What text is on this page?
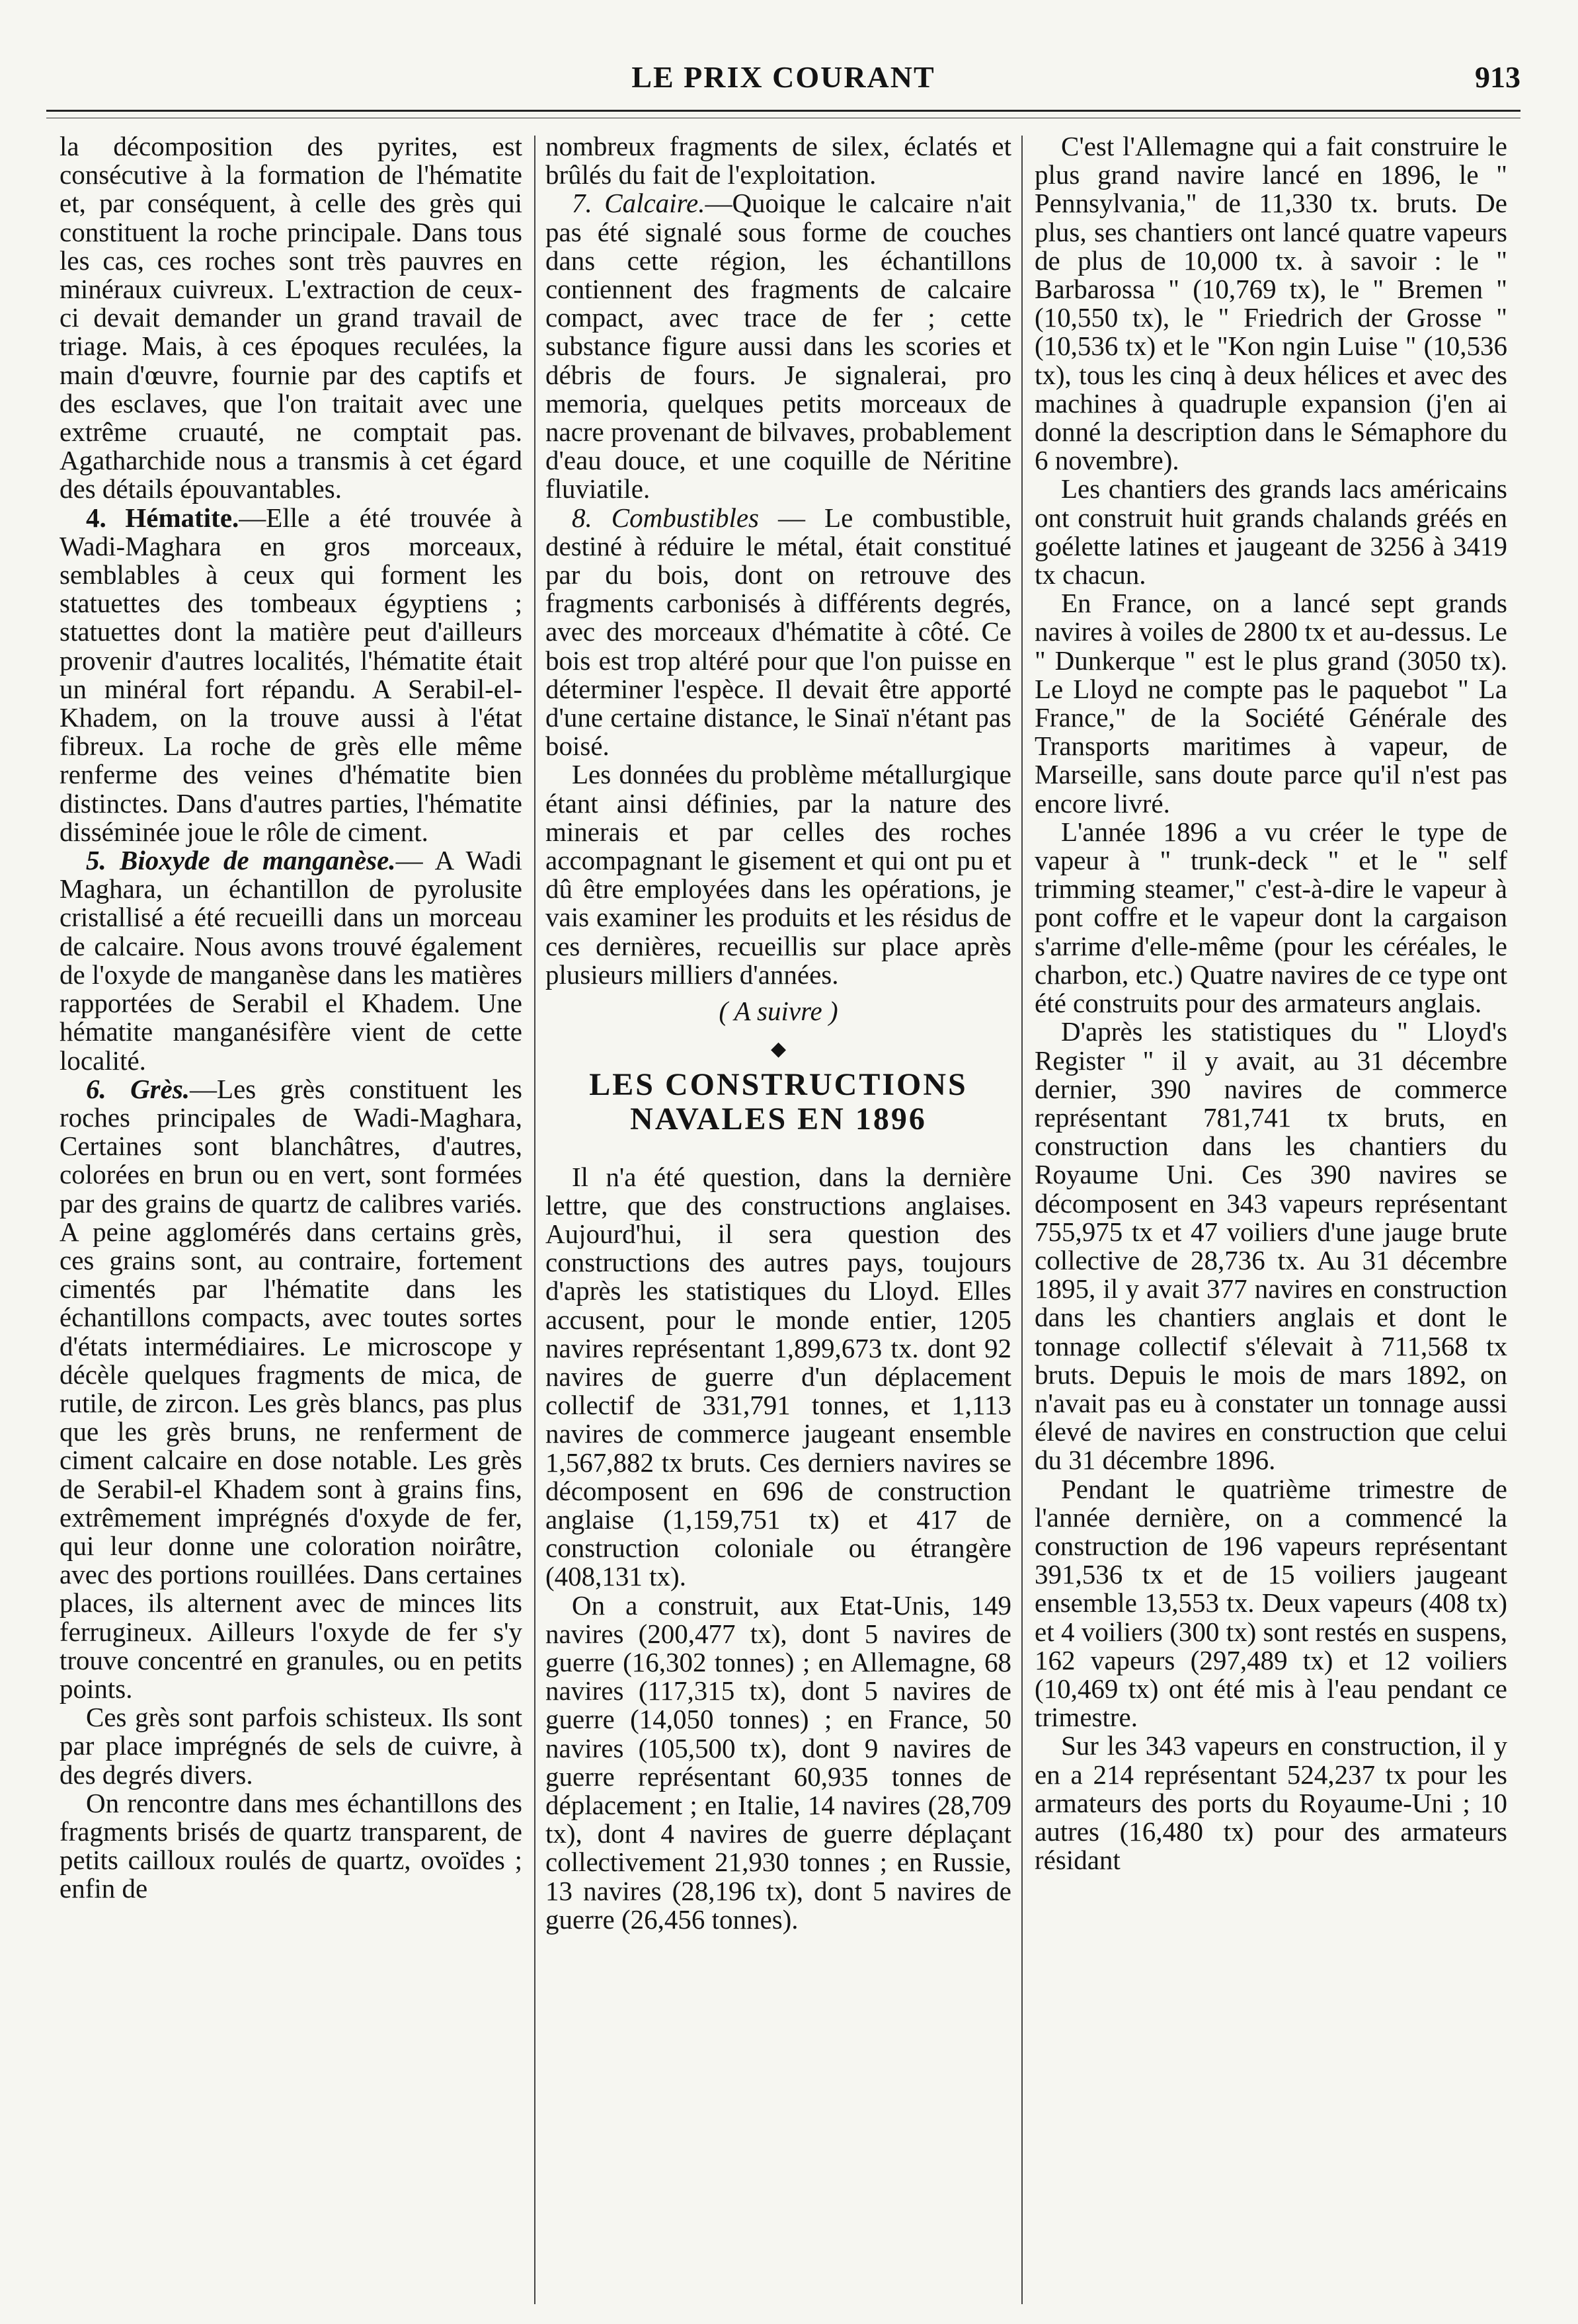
LE PRIX COURANT	913

la décomposition des pyrites, est consécutive à la formation de l'hématite et, par conséquent, à celle des grès qui constituent la roche principale. Dans tous les cas, ces roches sont très pauvres en minéraux cuivreux. L'extraction de ceux-ci devait demander un grand travail de triage. Mais, à ces époques reculées, la main d'œuvre, fournie par des captifs et des esclaves, que l'on traitait avec une extrême cruauté, ne comptait pas. Agatharchide nous a transmis à cet égard des détails épouvantables.

4. Hématite.—Elle a été trouvée à Wadi-Maghara en gros morceaux, semblables à ceux qui forment les statuettes des tombeaux égyptiens ; statuettes dont la matière peut d'ailleurs provenir d'autres localités, l'hématite était un minéral fort répandu. A Serabil-el-Khadem, on la trouve aussi à l'état fibreux. La roche de grès elle même renferme des veines d'hématite bien distinctes. Dans d'autres parties, l'hématite disséminée joue le rôle de ciment.

5. Bioxyde de manganèse.— A Wadi Maghara, un échantillon de pyrolusite cristallisé a été recueilli dans un morceau de calcaire. Nous avons trouvé également de l'oxyde de manganèse dans les matières rapportées de Serabil el Khadem. Une hématite manganésifère vient de cette localité.

6. Grès.—Les grès constituent les roches principales de Wadi-Maghara, Certaines sont blanchâtres, d'autres, colorées en brun ou en vert, sont formées par des grains de quartz de calibres variés. A peine agglomérés dans certains grès, ces grains sont, au contraire, fortement cimentés par l'hématite dans les échantillons compacts, avec toutes sortes d'états intermédiaires. Le microscope y décèle quelques fragments de mica, de rutile, de zircon. Les grès blancs, pas plus que les grès bruns, ne renferment de ciment calcaire en dose notable. Les grès de Serabil-el Khadem sont à grains fins, extrêmement imprégnés d'oxyde de fer, qui leur donne une coloration noirâtre, avec des portions rouillées. Dans certaines places, ils alternent avec de minces lits ferrugineux. Ailleurs l'oxyde de fer s'y trouve concentré en granules, ou en petits points.

Ces grès sont parfois schisteux. Ils sont par place imprégnés de sels de cuivre, à des degrés divers.

On rencontre dans mes échantillons des fragments brisés de quartz transparent, de petits cailloux roulés de quartz, ovoïdes ; enfin de

nombreux fragments de silex, éclatés et brûlés du fait de l'exploitation.

7. Calcaire.—Quoique le calcaire n'ait pas été signalé sous forme de couches dans cette région, les échantillons contiennent des fragments de calcaire compact, avec trace de fer ; cette substance figure aussi dans les scories et débris de fours. Je signalerai, pro memoria, quelques petits morceaux de nacre provenant de bilvaves, probablement d'eau douce, et une coquille de Néritine fluviatile.

8. Combustibles — Le combustible, destiné à réduire le métal, était constitué par du bois, dont on retrouve des fragments carbonisés à différents degrés, avec des morceaux d'hématite à côté. Ce bois est trop altéré pour que l'on puisse en déterminer l'espèce. Il devait être apporté d'une certaine distance, le Sinaï n'étant pas boisé.

Les données du problème métallurgique étant ainsi définies, par la nature des minerais et par celles des roches accompagnant le gisement et qui ont pu et dû être employées dans les opérations, je vais examiner les produits et les résidus de ces dernières, recueillis sur place après plusieurs milliers d'années.

( A suivre )

◆

LES CONSTRUCTIONS NAVALES EN 1896

Il n'a été question, dans la dernière lettre, que des constructions anglaises. Aujourd'hui, il sera question des constructions des autres pays, toujours d'après les statistiques du Lloyd. Elles accusent, pour le monde entier, 1205 navires représentant 1,899,673 tx. dont 92 navires de guerre d'un déplacement collectif de 331,791 tonnes, et 1,113 navires de commerce jaugeant ensemble 1,567,882 tx bruts. Ces derniers navires se décomposent en 696 de construction anglaise (1,159,751 tx) et 417 de construction coloniale ou étrangère (408,131 tx).

On a construit, aux Etat-Unis, 149 navires (200,477 tx), dont 5 navires de guerre (16,302 tonnes) ; en Allemagne, 68 navires (117,315 tx), dont 5 navires de guerre (14,050 tonnes) ; en France, 50 navires (105,500 tx), dont 9 navires de guerre représentant 60,935 tonnes de déplacement ; en Italie, 14 navires (28,709 tx), dont 4 navires de guerre déplaçant collectivement 21,930 tonnes ; en Russie, 13 navires (28,196 tx), dont 5 navires de guerre (26,456 tonnes).

C'est l'Allemagne qui a fait construire le plus grand navire lancé en 1896, le " Pennsylvania," de 11,330 tx. bruts. De plus, ses chantiers ont lancé quatre vapeurs de plus de 10,000 tx. à savoir : le " Barbarossa " (10,769 tx), le " Bremen " (10,550 tx), le " Friedrich der Grosse " (10,536 tx) et le "Kon ngin Luise " (10,536 tx), tous les cinq à deux hélices et avec des machines à quadruple expansion (j'en ai donné la description dans le Sémaphore du 6 novembre).

Les chantiers des grands lacs américains ont construit huit grands chalands gréés en goélette latines et jaugeant de 3256 à 3419 tx chacun.

En France, on a lancé sept grands navires à voiles de 2800 tx et au-dessus. Le " Dunkerque " est le plus grand (3050 tx). Le Lloyd ne compte pas le paquebot " La France," de la Société Générale des Transports maritimes à vapeur, de Marseille, sans doute parce qu'il n'est pas encore livré.

L'année 1896 a vu créer le type de vapeur à " trunk-deck " et le " self trimming steamer," c'est-à-dire le vapeur à pont coffre et le vapeur dont la cargaison s'arrime d'elle-même (pour les céréales, le charbon, etc.) Quatre navires de ce type ont été construits pour des armateurs anglais.

D'après les statistiques du " Lloyd's Register " il y avait, au 31 décembre dernier, 390 navires de commerce représentant 781,741 tx bruts, en construction dans les chantiers du Royaume Uni. Ces 390 navires se décomposent en 343 vapeurs représentant 755,975 tx et 47 voiliers d'une jauge brute collective de 28,736 tx. Au 31 décembre 1895, il y avait 377 navires en construction dans les chantiers anglais et dont le tonnage collectif s'élevait à 711,568 tx bruts. Depuis le mois de mars 1892, on n'avait pas eu à constater un tonnage aussi élevé de navires en construction que celui du 31 décembre 1896.

Pendant le quatrième trimestre de l'année dernière, on a commencé la construction de 196 vapeurs représentant 391,536 tx et de 15 voiliers jaugeant ensemble 13,553 tx. Deux vapeurs (408 tx) et 4 voiliers (300 tx) sont restés en suspens, 162 vapeurs (297,489 tx) et 12 voiliers (10,469 tx) ont été mis à l'eau pendant ce trimestre.

Sur les 343 vapeurs en construction, il y en a 214 représentant 524,237 tx pour les armateurs des ports du Royaume-Uni ; 10 autres (16,480 tx) pour des armateurs résidant
